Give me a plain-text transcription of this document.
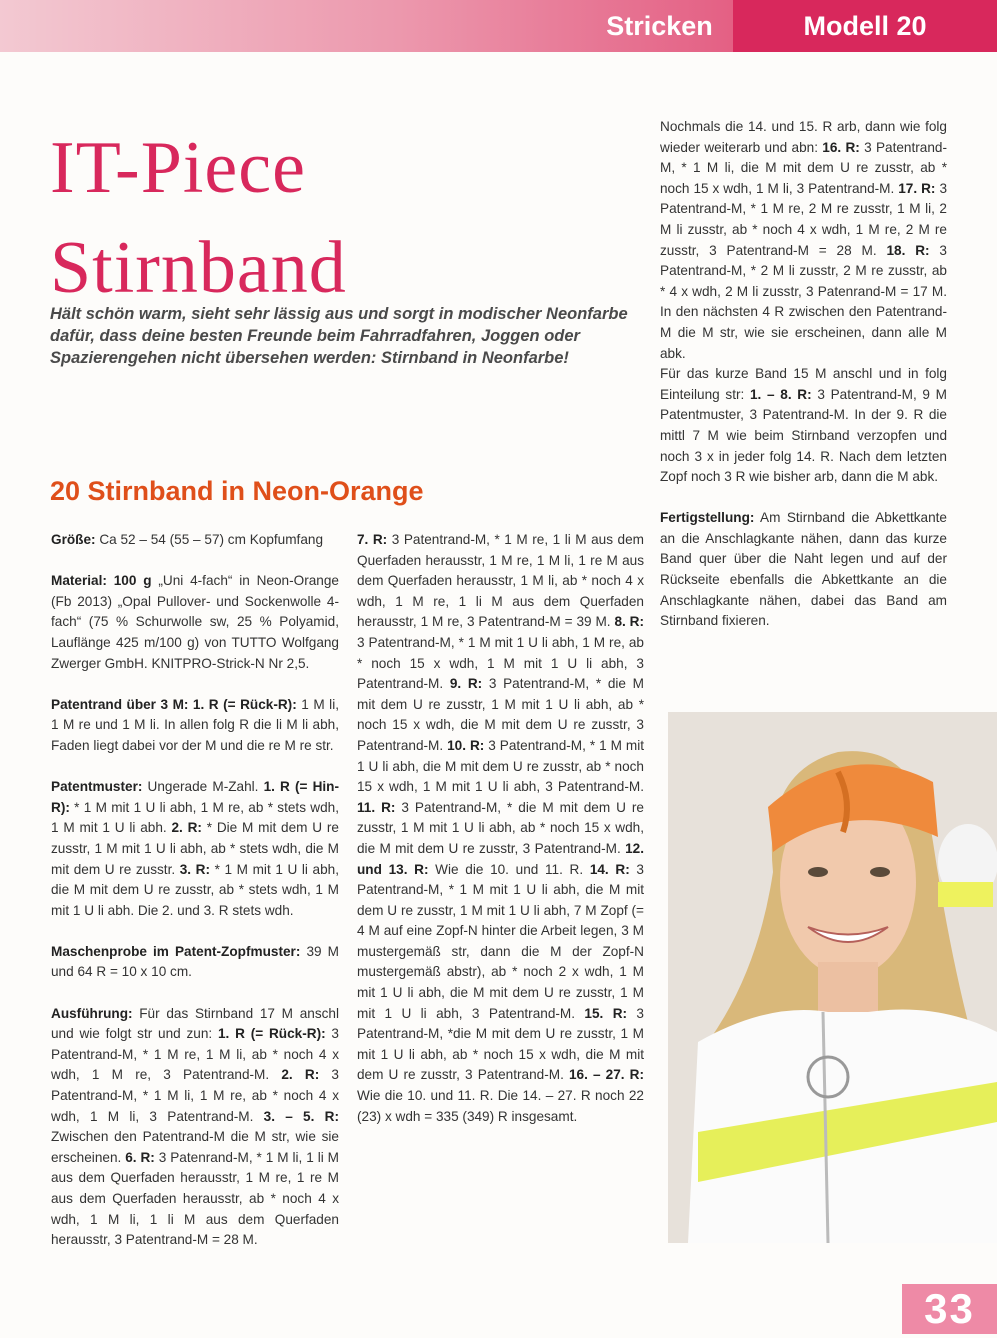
Stricken	Modell 20
IT-Piece
Stirnband

Hält schön warm, sieht sehr lässig aus und sorgt in modischer Neonfarbe dafür, dass deine besten Freunde beim Fahrradfahren, Joggen oder Spazierengehen nicht übersehen werden: Stirnband in Neonfarbe!

20 Stirnband in Neon-Orange

Größe: Ca 52 – 54 (55 – 57) cm Kopfumfang

Material: 100 g „Uni 4-fach“ in Neon-Orange (Fb 2013) „Opal Pullover- und Sockenwolle 4-fach“ (75 % Schurwolle sw, 25 % Polyamid, Lauflänge 425 m/100 g) von TUTTO Wolfgang Zwerger GmbH. KNITPRO-Strick-N Nr 2,5.

Patentrand über 3 M: 1. R (= Rück-R): 1 M li, 1 M re und 1 M li. In allen folg R die li M li abh, Faden liegt dabei vor der M und die re M re str.

Patentmuster: Ungerade M-Zahl. 1. R (= Hin-R): * 1 M mit 1 U li abh, 1 M re, ab * stets wdh, 1 M mit 1 U li abh. 2. R: * Die M mit dem U re zusstr, 1 M mit 1 U li abh, ab * stets wdh, die M mit dem U re zusstr. 3. R: * 1 M mit 1 U li abh, die M mit dem U re zusstr, ab * stets wdh, 1 M mit 1 U li abh. Die 2. und 3. R stets wdh.

Maschenprobe im Patent-Zopfmuster: 39 M und 64 R = 10 x 10 cm.

Ausführung: Für das Stirnband 17 M anschl und wie folgt str und zun: 1. R (= Rück-R): 3 Patentrand-M, * 1 M re, 1 M li, ab * noch 4 x wdh, 1 M re, 3 Patentrand-M. 2. R: 3 Patentrand-M, * 1 M li, 1 M re, ab * noch 4 x wdh, 1 M li, 3 Patentrand-M. 3. – 5. R: Zwischen den Patentrand-M die M str, wie sie erscheinen. 6. R: 3 Patenrand-M, * 1 M li, 1 li M aus dem Querfaden herausstr, 1 M re, 1 re M aus dem Querfaden herausstr, ab * noch 4 x wdh, 1 M li, 1 li M aus dem Querfaden herausstr, 3 Patentrand-M = 28 M.

7. R: 3 Patentrand-M, * 1 M re, 1 li M aus dem Querfaden herausstr, 1 M re, 1 M li, 1 re M aus dem Querfaden herausstr, 1 M li, ab * noch 4 x wdh, 1 M re, 1 li M aus dem Querfaden herausstr, 1 M re, 3 Patentrand-M = 39 M. 8. R: 3 Patentrand-M, * 1 M mit 1 U li abh, 1 M re, ab * noch 15 x wdh, 1 M mit 1 U li abh, 3 Patentrand-M. 9. R: 3 Patentrand-M, * die M mit dem U re zusstr, 1 M mit 1 U li abh, ab * noch 15 x wdh, die M mit dem U re zusstr, 3 Patentrand-M. 10. R: 3 Patentrand-M, * 1 M mit 1 U li abh, die M mit dem U re zusstr, ab * noch 15 x wdh, 1 M mit 1 U li abh, 3 Patentrand-M. 11. R: 3 Patentrand-M, * die M mit dem U re zusstr, 1 M mit 1 U li abh, ab * noch 15 x wdh, die M mit dem U re zusstr, 3 Patentrand-M. 12. und 13. R: Wie die 10. und 11. R. 14. R: 3 Patentrand-M, * 1 M mit 1 U li abh, die M mit dem U re zusstr, 1 M mit 1 U li abh, 7 M Zopf (= 4 M auf eine Zopf-N hinter die Arbeit legen, 3 M mustergemäß str, dann die M der Zopf-N mustergemäß abstr), ab * noch 2 x wdh, 1 M mit 1 U li abh, die M mit dem U re zusstr, 1 M mit 1 U li abh, 3 Patentrand-M. 15. R: 3 Patentrand-M, *die M mit dem U re zusstr, 1 M mit 1 U li abh, ab * noch 15 x wdh, die M mit dem U re zusstr, 3 Patentrand-M. 16. – 27. R: Wie die 10. und 11. R. Die 14. – 27. R noch 22 (23) x wdh = 335 (349) R insgesamt.

Nochmals die 14. und 15. R arb, dann wie folg wieder weiterarb und abn: 16. R: 3 Patentrand-M, * 1 M li, die M mit dem U re zusstr, ab * noch 15 x wdh, 1 M li, 3 Patentrand-M. 17. R: 3 Patentrand-M, * 1 M re, 2 M re zusstr, 1 M li, 2 M li zusstr, ab * noch 4 x wdh, 1 M re, 2 M re zusstr, 3 Patentrand-M = 28 M. 18. R: 3 Patentrand-M, * 2 M li zusstr, 2 M re zusstr, ab * 4 x wdh, 2 M li zusstr, 3 Patenrand-M = 17 M. In den nächsten 4 R zwischen den Patentrand-M die M str, wie sie erscheinen, dann alle M abk.

Für das kurze Band 15 M anschl und in folg Einteilung str: 1. – 8. R: 3 Patentrand-M, 9 M Patentmuster, 3 Patentrand-M. In der 9. R die mittl 7 M wie beim Stirnband verzopfen und noch 3 x in jeder folg 14. R. Nach dem letzten Zopf noch 3 R wie bisher arb, dann die M abk.

Fertigstellung: Am Stirnband die Abkettkante an die Anschlagkante nähen, dann das kurze Band quer über die Naht legen und auf der Rückseite ebenfalls die Abkettkante an die Anschlagkante nähen, dabei das Band am Stirnband fixieren.

33
